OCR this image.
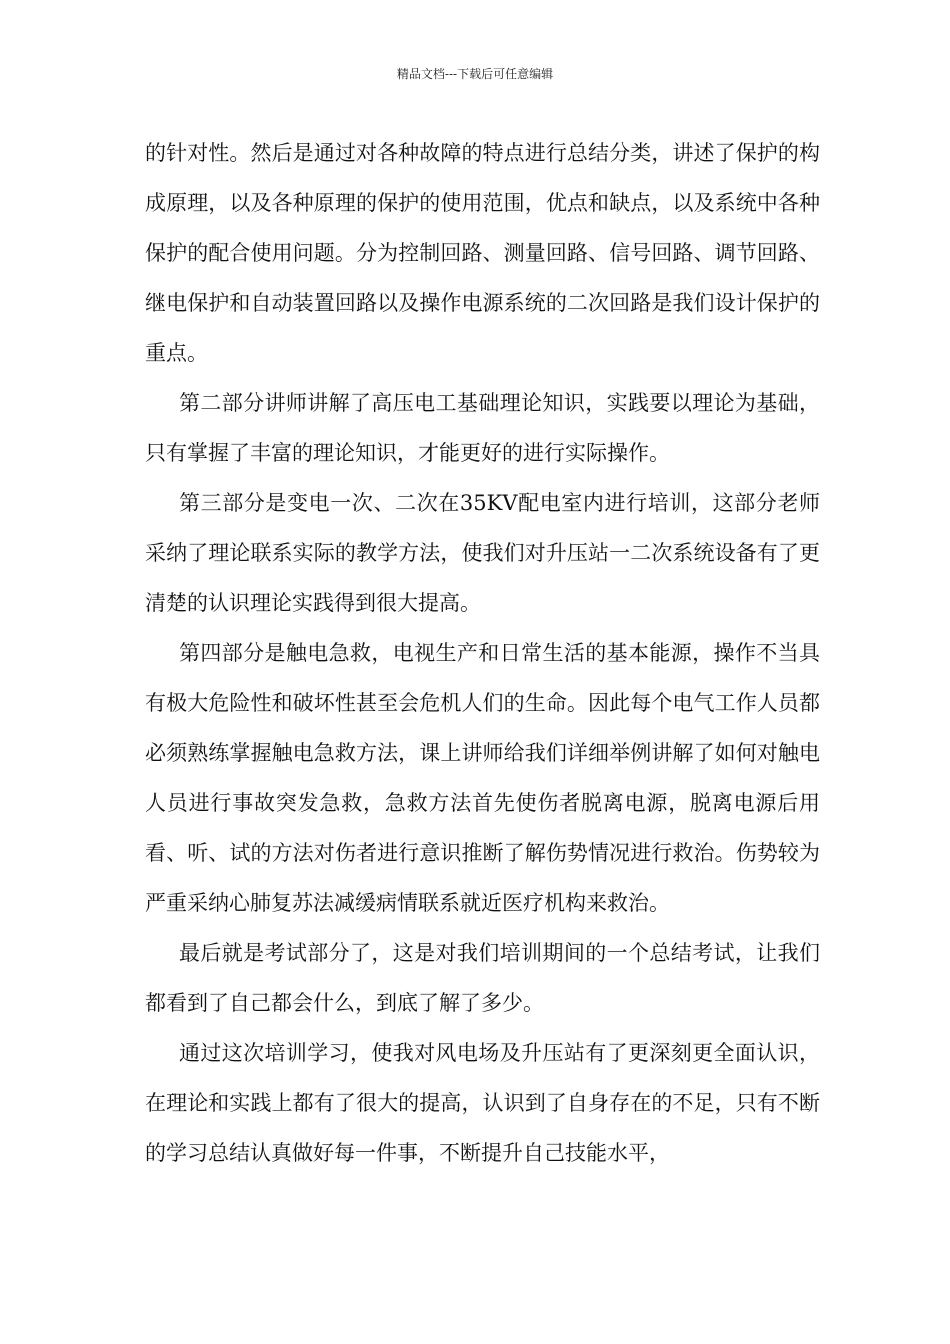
精品文档---下载后可任意编辑

的针对性。然后是通过对各种故障的特点进行总结分类，讲述了保护的构成原理，以及各种原理的保护的使用范围，优点和缺点，以及系统中各种保护的配合使用问题。分为控制回路、测量回路、信号回路、调节回路、继电保护和自动装置回路以及操作电源系统的二次回路是我们设计保护的重点。

第二部分讲师讲解了高压电工基础理论知识，实践要以理论为基础，只有掌握了丰富的理论知识，才能更好的进行实际操作。

第三部分是变电一次、二次在35KV配电室内进行培训，这部分老师采纳了理论联系实际的教学方法，使我们对升压站一二次系统设备有了更清楚的认识理论实践得到很大提高。

第四部分是触电急救，电视生产和日常生活的基本能源，操作不当具有极大危险性和破坏性甚至会危机人们的生命。因此每个电气工作人员都必须熟练掌握触电急救方法，课上讲师给我们详细举例讲解了如何对触电人员进行事故突发急救，急救方法首先使伤者脱离电源，脱离电源后用看、听、试的方法对伤者进行意识推断了解伤势情况进行救治。伤势较为严重采纳心肺复苏法减缓病情联系就近医疗机构来救治。

最后就是考试部分了，这是对我们培训期间的一个总结考试，让我们都看到了自己都会什么，到底了解了多少。

通过这次培训学习，使我对风电场及升压站有了更深刻更全面认识，在理论和实践上都有了很大的提高，认识到了自身存在的不足，只有不断的学习总结认真做好每一件事，不断提升自己技能水平，
